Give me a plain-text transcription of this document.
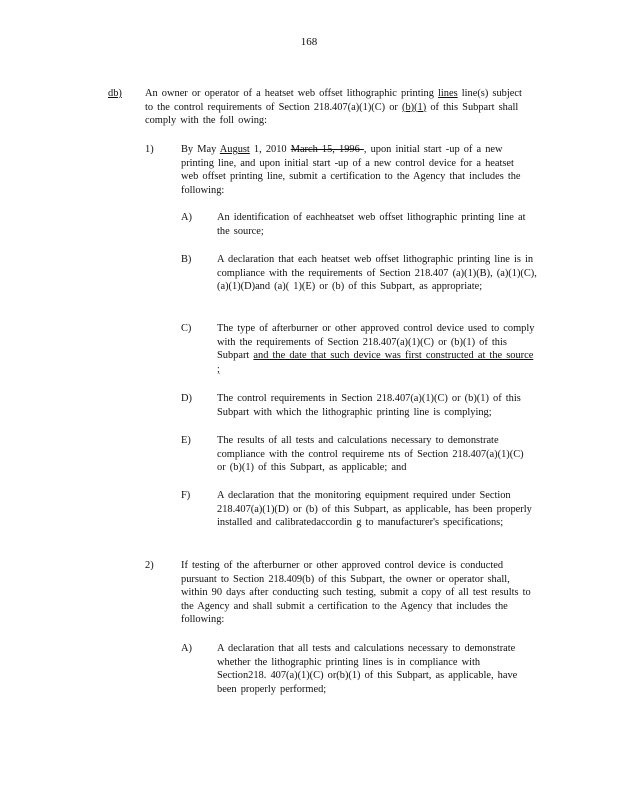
168
db) An owner or operator of a heatset web offset lithographic printing lines line(s) subject to the control requirements of Section 218.407(a)(1)(C) or (b)(1) of this Subpart shall comply with the foll owing:
1)	By May August 1, 2010 March 15, 1996 , upon initial start -up of a new printing line, and upon initial start -up of a new control device for a heatset web offset printing line, submit a certification to the Agency that includes the following:
A) An identification of eachheatset web offset lithographic printing line at the source;
B) A declaration that each heatset web offset lithographic printing line is in compliance with the requirements of Section 218.407 (a)(1)(B), (a)(1)(C), (a)(1)(D)and (a)( 1)(E) or (b) of this Subpart, as appropriate;
C) The type of afterburner or other approved control device used to comply with the requirements of Section 218.407(a)(1)(C) or (b)(1) of this Subpart and the date that such device was first constructed at the source ;
D) The control requirements in Section 218.407(a)(1)(C) or (b)(1) of this Subpart with which the lithographic printing line is complying;
E)	The results of all tests and calculations necessary to demonstrate compliance with the control requireme nts of Section 218.407(a)(1)(C) or (b)(1) of this Subpart, as applicable; and
F)	A declaration that the monitoring equipment required under Section 218.407(a)(1)(D) or (b) of this Subpart, as applicable, has been properly installed and calibratedaccordin g to manufacturer's specifications;
2)	If testing of the afterburner or other approved control device is conducted pursuant to Section 218.409(b) of this Subpart, the owner or operator shall, within 90 days after conducting such testing, submit a copy of all test results to the Agency and shall submit a certification to the Agency that includes the following:
A) A declaration that all tests and calculations necessary to demonstrate whether the lithographic printing lines is in compliance with Section218. 407(a)(1)(C) or(b)(1) of this Subpart, as applicable, have been properly performed;
